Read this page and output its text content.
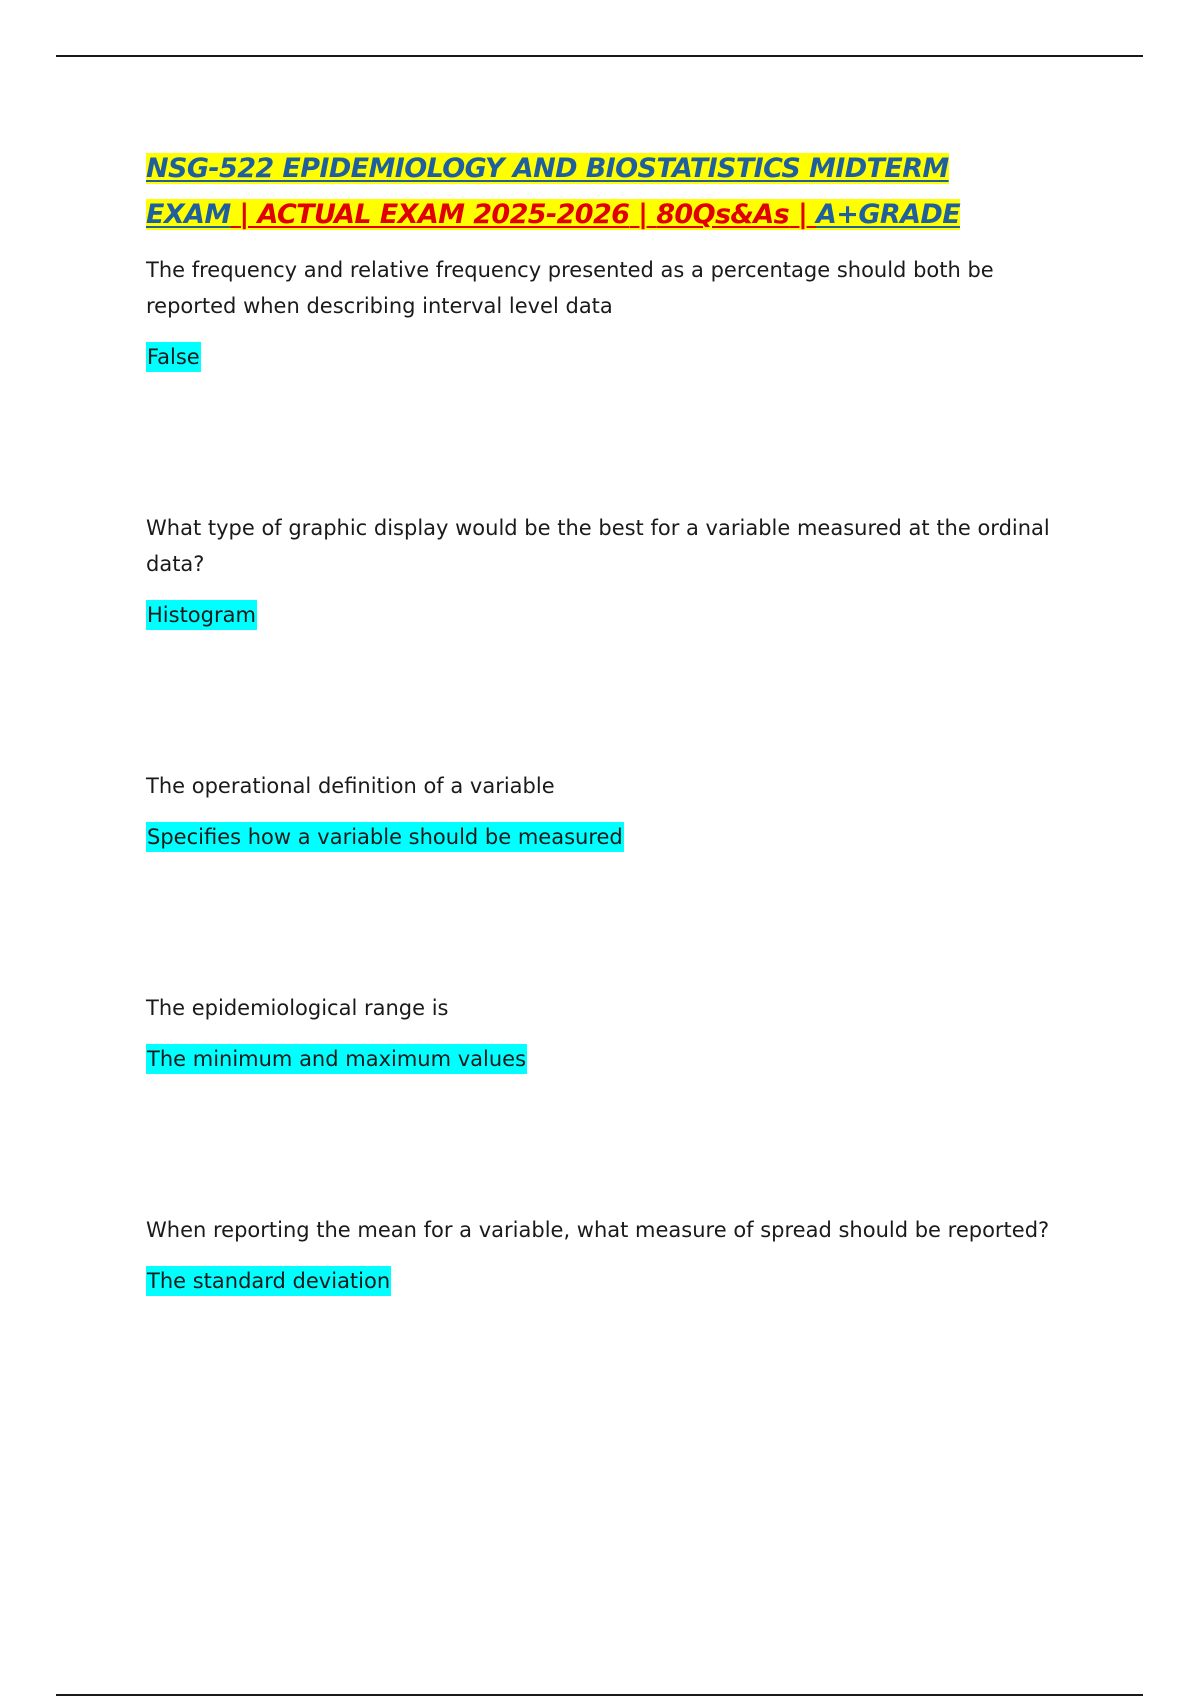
NSG-522 EPIDEMIOLOGY AND BIOSTATISTICS MIDTERM
EXAM | ACTUAL EXAM 2025-2026 | 80Qs&As | A+GRADE

The frequency and relative frequency presented as a percentage should both be reported when describing interval level data

False

What type of graphic display would be the best for a variable measured at the ordinal data?

Histogram

The operational definition of a variable

Specifies how a variable should be measured

The epidemiological range is

The minimum and maximum values

When reporting the mean for a variable, what measure of spread should be reported?

The standard deviation
